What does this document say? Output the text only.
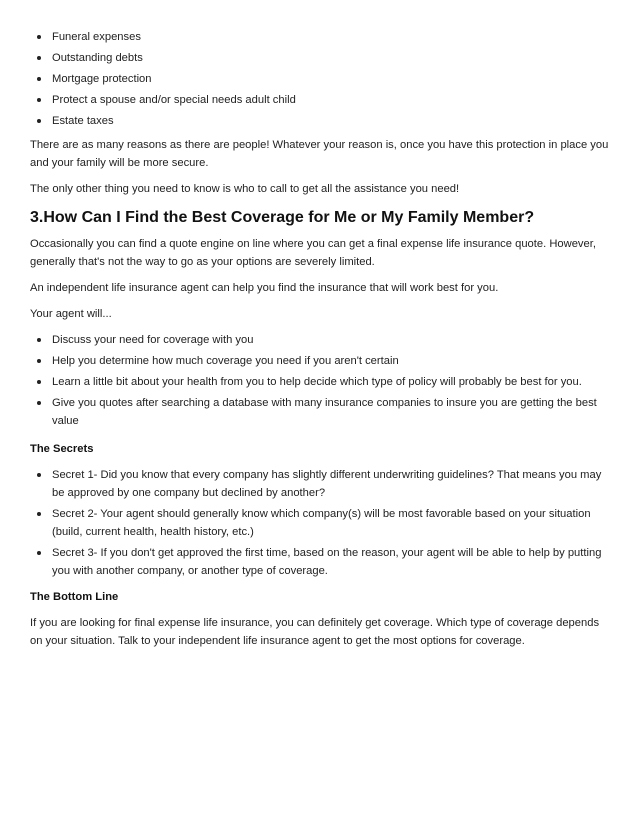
Funeral expenses
Outstanding debts
Mortgage protection
Protect a spouse and/or special needs adult child
Estate taxes

There are as many reasons as there are people! Whatever your reason is, once you have this protection in place you and your family will be more secure.

The only other thing you need to know is who to call to get all the assistance you need!

3.How Can I Find the Best Coverage for Me or My Family Member?

Occasionally you can find a quote engine on line where you can get a final expense life insurance quote. However, generally that's not the way to go as your options are severely limited.

An independent life insurance agent can help you find the insurance that will work best for you.

Your agent will...

Discuss your need for coverage with you
Help you determine how much coverage you need if you aren't certain
Learn a little bit about your health from you to help decide which type of policy will probably be best for you.
Give you quotes after searching a database with many insurance companies to insure you are getting the best value
The Secrets
Secret 1- Did you know that every company has slightly different underwriting guidelines? That means you may be approved by one company but declined by another?
Secret 2- Your agent should generally know which company(s) will be most favorable based on your situation (build, current health, health history, etc.)
Secret 3- If you don't get approved the first time, based on the reason, your agent will be able to help by putting you with another company, or another type of coverage.
The Bottom Line

If you are looking for final expense life insurance, you can definitely get coverage. Which type of coverage depends on your situation. Talk to your independent life insurance agent to get the most options for coverage.
